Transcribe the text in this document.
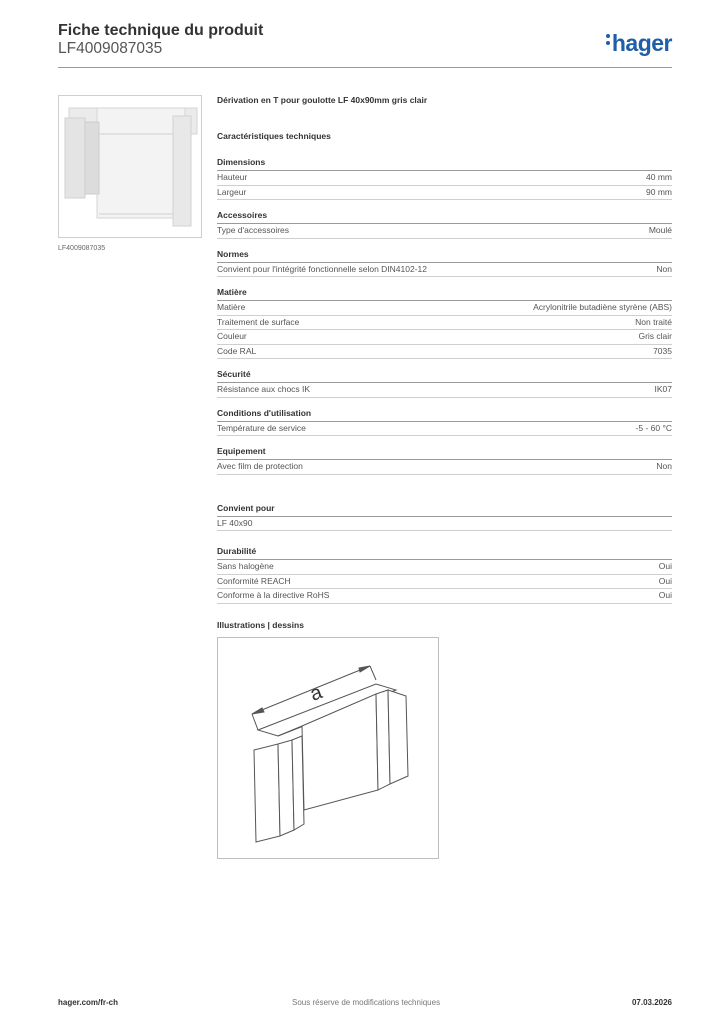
Fiche technique du produit
LF4009087035	hager
LF4009087035
Dérivation en T pour goulotte LF 40x90mm gris clair
Caractéristiques techniques
Dimensions
Hauteur	40 mm
Largeur	90 mm
Accessoires
Type d'accessoires	Moulé
Normes
Convient pour l'intégrité fonctionnelle selon DIN4102-12	Non
Matière
Matière	Acrylonitrile butadiène styrène (ABS)
Traitement de surface	Non traité
Couleur	Gris clair
Code RAL	7035
Sécurité
Résistance aux chocs IK	IK07
Conditions d'utilisation
Température de service	-5 - 60 °C
Equipement
Avec film de protection	Non
Convient pour
LF 40x90
Durabilité
Sans halogène	Oui
Conformité REACH	Oui
Conforme à la directive RoHS	Oui
Illustrations | dessins
a
hager.com/fr-ch	Sous réserve de modifications techniques	07.03.2026
